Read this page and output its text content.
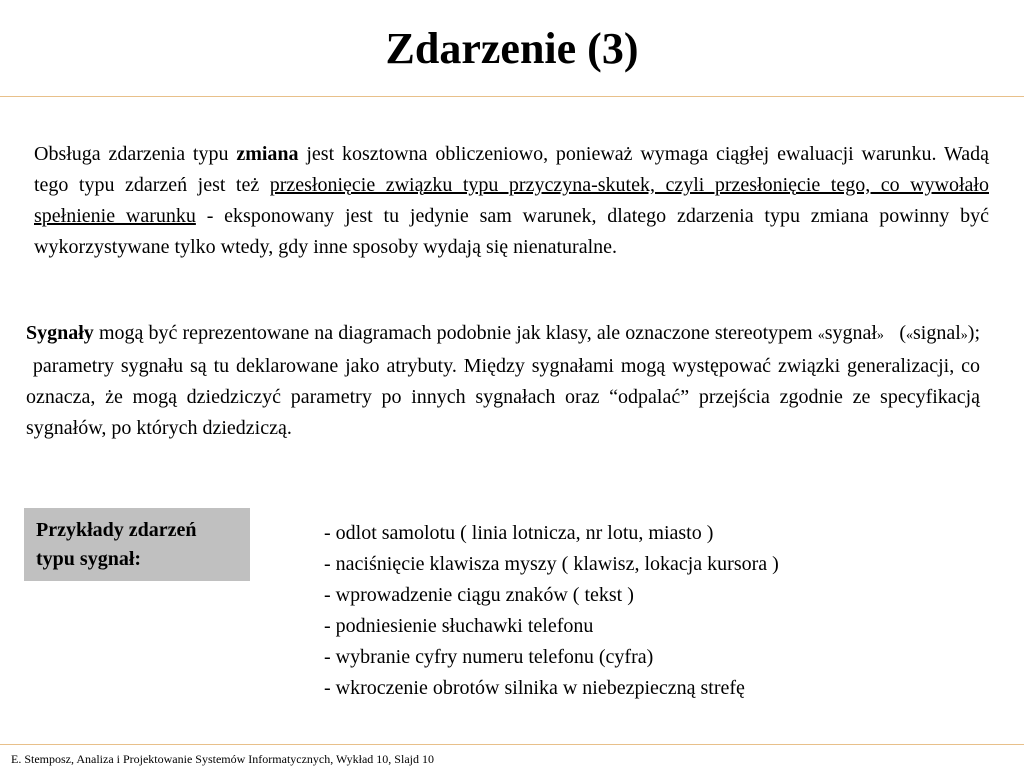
Zdarzenie (3)

Obsługa zdarzenia typu zmiana jest kosztowna obliczeniowo, ponieważ wymaga ciągłej ewaluacji warunku. Wadą tego typu zdarzeń jest też przesłonięcie związku typu przyczyna-skutek, czyli przesłonięcie tego, co wywołało spełnienie warunku - eksponowany jest tu jedynie sam warunek, dlatego zdarzenia typu zmiana powinny być wykorzystywane tylko wtedy, gdy inne sposoby wydają się nienaturalne.

Sygnały mogą być reprezentowane na diagramach podobnie jak klasy, ale oznaczone stereotypem «sygnał»   («signal»);  parametry sygnału są tu deklarowane jako atrybuty. Między sygnałami mogą występować związki generalizacji, co oznacza, że mogą dziedziczyć parametry po innych sygnałach oraz “odpalać” przejścia zgodnie ze specyfikacją sygnałów, po których dziedziczą.

Przykłady zdarzeń
typu sygnał:
- odlot samolotu ( linia lotnicza, nr lotu, miasto )
- naciśnięcie klawisza myszy ( klawisz, lokacja kursora )
- wprowadzenie ciągu znaków ( tekst )
- podniesienie słuchawki telefonu
- wybranie cyfry numeru telefonu (cyfra)
- wkroczenie obrotów silnika w niebezpieczną strefę
E. Stemposz, Analiza i Projektowanie Systemów Informatycznych, Wykład 10, Slajd 10
